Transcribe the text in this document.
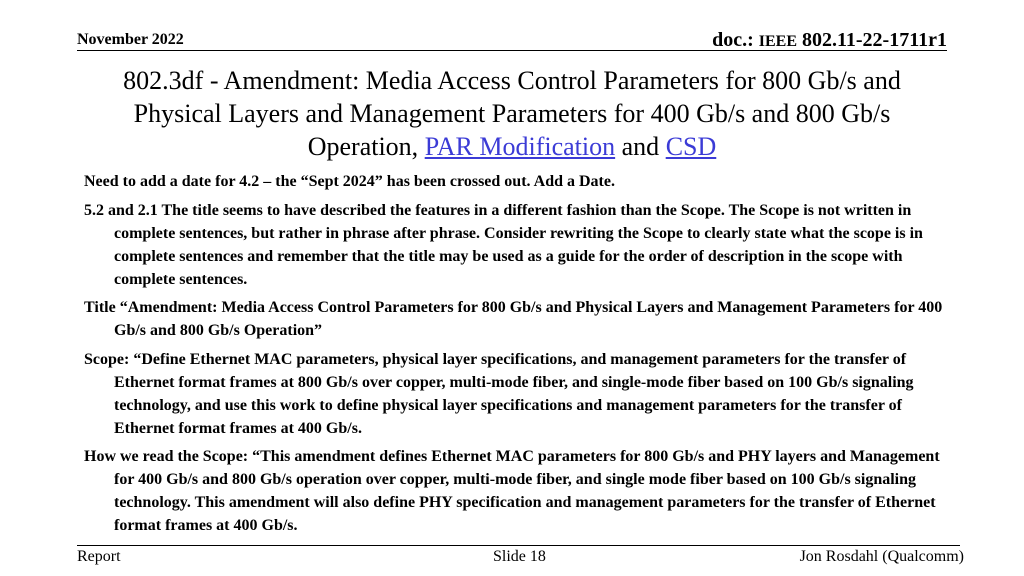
November 2022	doc.: IEEE 802.11-22-1711r1
802.3df - Amendment: Media Access Control Parameters for 800 Gb/s and Physical Layers and Management Parameters for 400 Gb/s and 800 Gb/s Operation, PAR Modification and CSD

Need to add a date for 4.2 – the “Sept 2024” has been crossed out. Add a Date.

5.2 and 2.1 The title seems to have described the features in a different fashion than the Scope. The Scope is not written in complete sentences, but rather in phrase after phrase. Consider rewriting the Scope to clearly state what the scope is in complete sentences and remember that the title may be used as a guide for the order of description in the scope with complete sentences.

Title “Amendment: Media Access Control Parameters for 800 Gb/s and Physical Layers and Management Parameters for 400 Gb/s and 800 Gb/s Operation”

Scope: “Define Ethernet MAC parameters, physical layer specifications, and management parameters for the transfer of Ethernet format frames at 800 Gb/s over copper, multi-mode fiber, and single-mode fiber based on 100 Gb/s signaling technology, and use this work to define physical layer specifications and management parameters for the transfer of Ethernet format frames at 400 Gb/s.

How we read the Scope: “This amendment defines Ethernet MAC parameters for 800 Gb/s and PHY layers and Management for 400 Gb/s and 800 Gb/s operation over copper, multi-mode fiber, and single mode fiber based on 100 Gb/s signaling technology. This amendment will also define PHY specification and management parameters for the transfer of Ethernet format frames at 400 Gb/s.

Report	Slide 18	Jon Rosdahl (Qualcomm)
